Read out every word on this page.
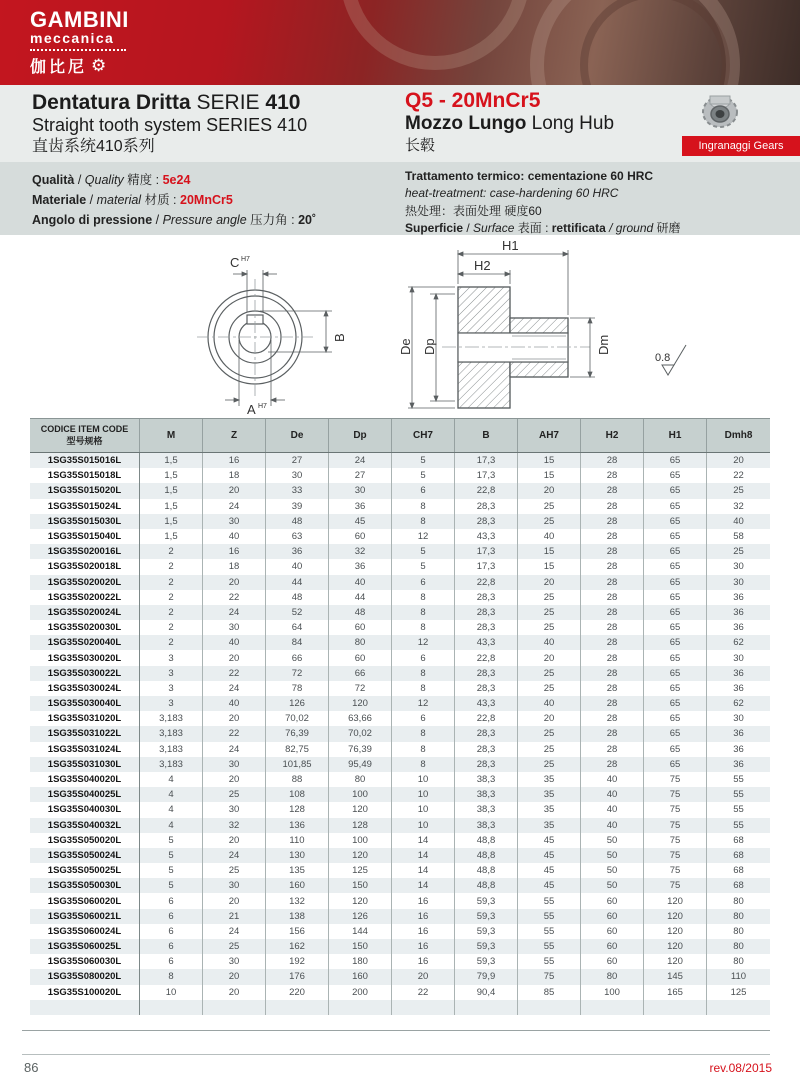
GAMBINI
meccanica
伽比尼 ⚙
Dentatura Dritta SERIE 410
Straight tooth system SERIES 410
直齿系统410系列
Q5 - 20MnCr5
Mozzo Lungo Long Hub
长毂	Ingranaggi Gears
Qualità / Quality 精度 : 5e24
Materiale / material 材质 : 20MnCr5
Angolo di pressione / Pressure angle 压力角 : 20˚
Trattamento termico: cementazione 60 HRC
heat-treatment: case-hardening 60 HRC
热处理：表面处理 硬度60
Superficie / Surface 表面 : rettificata / ground 研磨
C H7
B
A H7
H1
H2
De Dp	Dm
0.8
CODICE ITEM CODE
型号规格	M	Z	De	Dp	CH7	B	AH7	H2	H1	Dmh8
1SG35S015016L	1,5	16	27	24	5	17,3	15	28	65	20
1SG35S015018L	1,5	18	30	27	5	17,3	15	28	65	22
1SG35S015020L	1,5	20	33	30	6	22,8	20	28	65	25
1SG35S015024L	1,5	24	39	36	8	28,3	25	28	65	32
1SG35S015030L	1,5	30	48	45	8	28,3	25	28	65	40
1SG35S015040L	1,5	40	63	60	12	43,3	40	28	65	58
1SG35S020016L	2	16	36	32	5	17,3	15	28	65	25
1SG35S020018L	2	18	40	36	5	17,3	15	28	65	30
1SG35S020020L	2	20	44	40	6	22,8	20	28	65	30
1SG35S020022L	2	22	48	44	8	28,3	25	28	65	36
1SG35S020024L	2	24	52	48	8	28,3	25	28	65	36
1SG35S020030L	2	30	64	60	8	28,3	25	28	65	36
1SG35S020040L	2	40	84	80	12	43,3	40	28	65	62
1SG35S030020L	3	20	66	60	6	22,8	20	28	65	30
1SG35S030022L	3	22	72	66	8	28,3	25	28	65	36
1SG35S030024L	3	24	78	72	8	28,3	25	28	65	36
1SG35S030040L	3	40	126	120	12	43,3	40	28	65	62
1SG35S031020L	3,183	20	70,02	63,66	6	22,8	20	28	65	30
1SG35S031022L	3,183	22	76,39	70,02	8	28,3	25	28	65	36
1SG35S031024L	3,183	24	82,75	76,39	8	28,3	25	28	65	36
1SG35S031030L	3,183	30	101,85	95,49	8	28,3	25	28	65	36
1SG35S040020L	4	20	88	80	10	38,3	35	40	75	55
1SG35S040025L	4	25	108	100	10	38,3	35	40	75	55
1SG35S040030L	4	30	128	120	10	38,3	35	40	75	55
1SG35S040032L	4	32	136	128	10	38,3	35	40	75	55
1SG35S050020L	5	20	110	100	14	48,8	45	50	75	68
1SG35S050024L	5	24	130	120	14	48,8	45	50	75	68
1SG35S050025L	5	25	135	125	14	48,8	45	50	75	68
1SG35S050030L	5	30	160	150	14	48,8	45	50	75	68
1SG35S060020L	6	20	132	120	16	59,3	55	60	120	80
1SG35S060021L	6	21	138	126	16	59,3	55	60	120	80
1SG35S060024L	6	24	156	144	16	59,3	55	60	120	80
1SG35S060025L	6	25	162	150	16	59,3	55	60	120	80
1SG35S060030L	6	30	192	180	16	59,3	55	60	120	80
1SG35S080020L	8	20	176	160	20	79,9	75	80	145	110
1SG35S100020L	10	20	220	200	22	90,4	85	100	165	125
86	rev.08/2015
